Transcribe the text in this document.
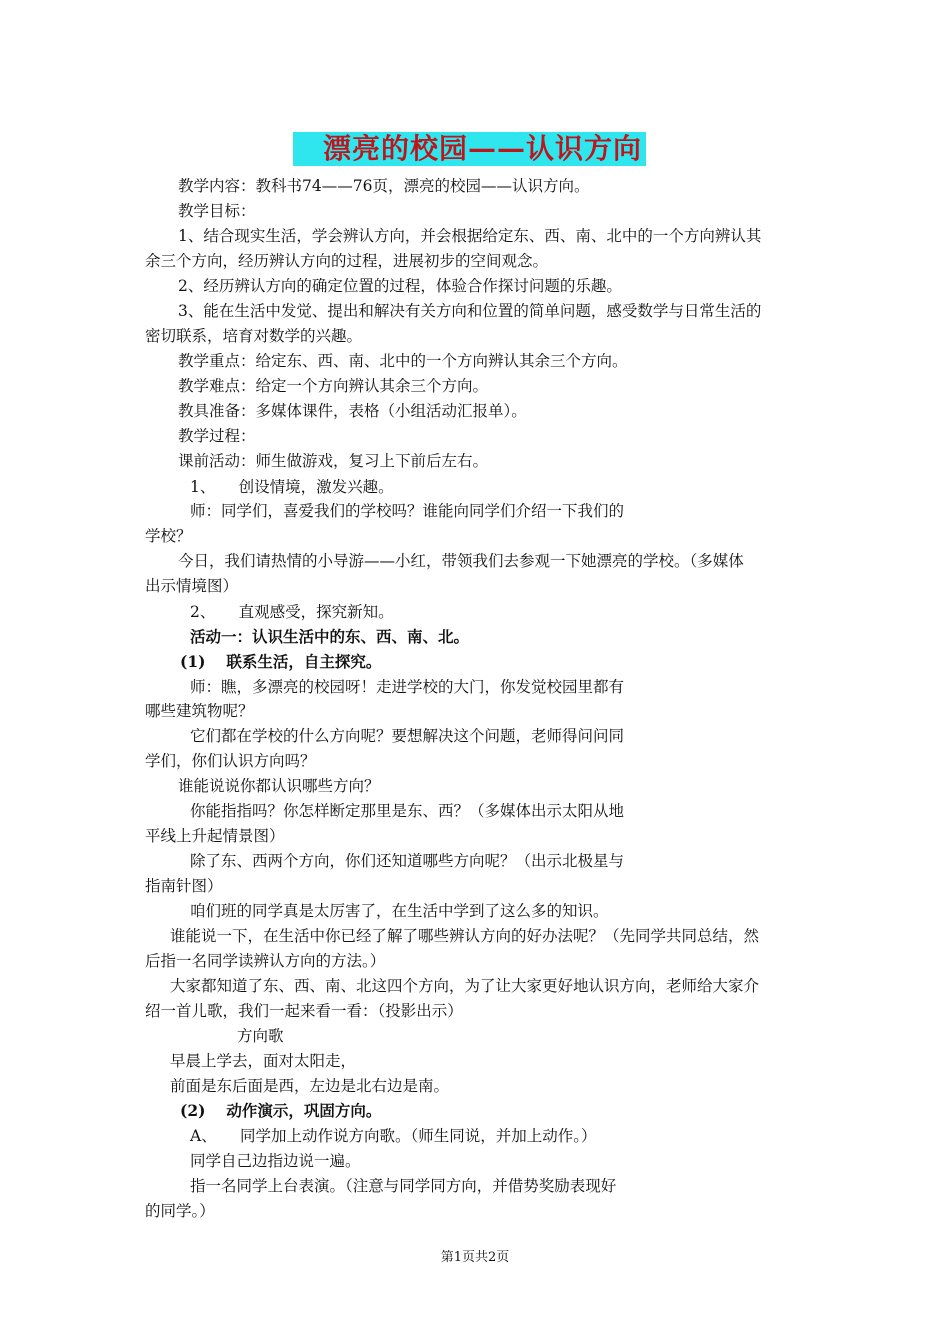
漂亮的校园——认识方向
教学内容：教科书74——76页，漂亮的校园——认识方向。
教学目标：
1、结合现实生活，学会辨认方向，并会根据给定东、西、南、北中的一个方向辨认其
余三个方向，经历辨认方向的过程，进展初步的空间观念。
2、经历辨认方向的确定位置的过程，体验合作探讨问题的乐趣。
3、能在生活中发觉、提出和解决有关方向和位置的简单问题，感受数学与日常生活的
密切联系，培育对数学的兴趣。
教学重点：给定东、西、南、北中的一个方向辨认其余三个方向。
教学难点：给定一个方向辨认其余三个方向。
教具准备：多媒体课件，表格（小组活动汇报单）。
教学过程：
课前活动：师生做游戏，复习上下前后左右。
1、　　创设情境，激发兴趣。
师：同学们，喜爱我们的学校吗？谁能向同学们介绍一下我们的
学校？
今日，我们请热情的小导游——小红，带领我们去参观一下她漂亮的学校。（多媒体
出示情境图）
2、　　直观感受，探究新知。
活动一：认识生活中的东、西、南、北。
(1)　 联系生活，自主探究。
师：瞧，多漂亮的校园呀！走进学校的大门，你发觉校园里都有
哪些建筑物呢？
它们都在学校的什么方向呢？要想解决这个问题，老师得问问同
学们，你们认识方向吗？
谁能说说你都认识哪些方向？
你能指指吗？你怎样断定那里是东、西？（多媒体出示太阳从地
平线上升起情景图）
除了东、西两个方向，你们还知道哪些方向呢？（出示北极星与
指南针图）
咱们班的同学真是太厉害了，在生活中学到了这么多的知识。
谁能说一下，在生活中你已经了解了哪些辨认方向的好办法呢？（先同学共同总结，然
后指一名同学读辨认方向的方法。）
大家都知道了东、西、南、北这四个方向，为了让大家更好地认识方向，老师给大家介
绍一首儿歌，我们一起来看一看：（投影出示）
方向歌
早晨上学去，面对太阳走，
前面是东后面是西，左边是北右边是南。
(2)　 动作演示，巩固方向。
A、　　同学加上动作说方向歌。（师生同说，并加上动作。）
同学自己边指边说一遍。
指一名同学上台表演。（注意与同学同方向，并借势奖励表现好
的同学。）
第1页共2页
